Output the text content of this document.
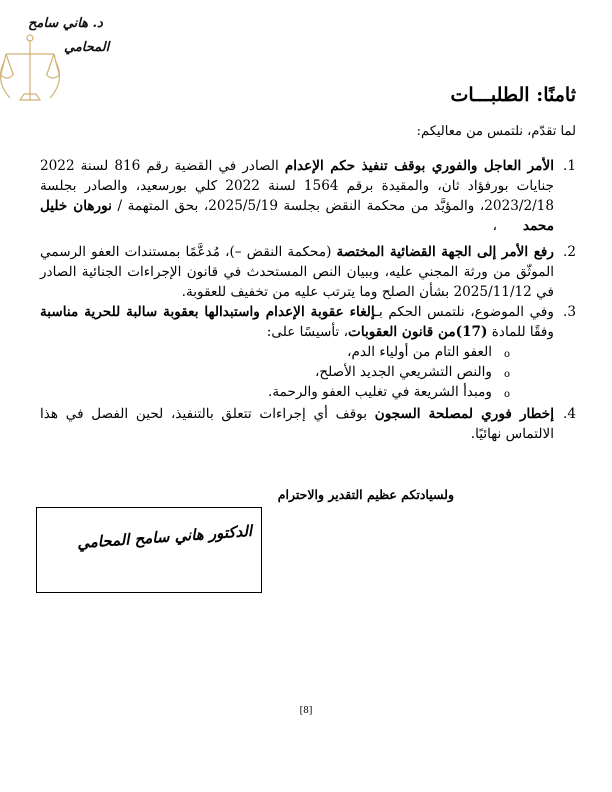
د. هاني سامح
المحامي
ثامنًا: الطلبـــات
لما تقدّم، نلتمس من معاليكم:

1.
الأمر العاجل والفوري بوقف تنفيذ حكم الإعدام الصادر في القضية رقم 816 لسنة 2022 جنايات بورفؤاد ثان، والمقيدة برقم 1564 لسنة 2022 كلي بورسعيد، والصادر بجلسة 2023/2/18، والمؤيَّد من محكمة النقض بجلسة 2025/5/19، بحق المتهمة / نورهان خليل محمد      ،

2.
رفع الأمر إلى الجهة القضائية المختصة (محكمة النقض –)، مُدعَّمًا بمستندات العفو الرسمي الموثّق من ورثة المجني عليه، وببيان النص المستحدث في قانون الإجراءات الجنائية الصادر في 2025/11/12 بشأن الصلح وما يترتب عليه من تخفيف للعقوبة.

3.
وفي الموضوع، نلتمس الحكم بـإلغاء عقوبة الإعدام واستبدالها بعقوبة سالبة للحرية مناسبة وفقًا للمادة (17)من قانون العقوبات، تأسيسًا على:
o
العفو التام من أولياء الدم،
o
والنص التشريعي الجديد الأصلح،
o
ومبدأ الشريعة في تغليب العفو والرحمة.

4.
إخطار فوري لمصلحة السجون بوقف أي إجراءات تتعلق بالتنفيذ، لحين الفصل في هذا الالتماس نهائيًا.

ولسيادتكم عظيم التقدير والاحترام
الدكتور هاني سامح المحامي
[8]
